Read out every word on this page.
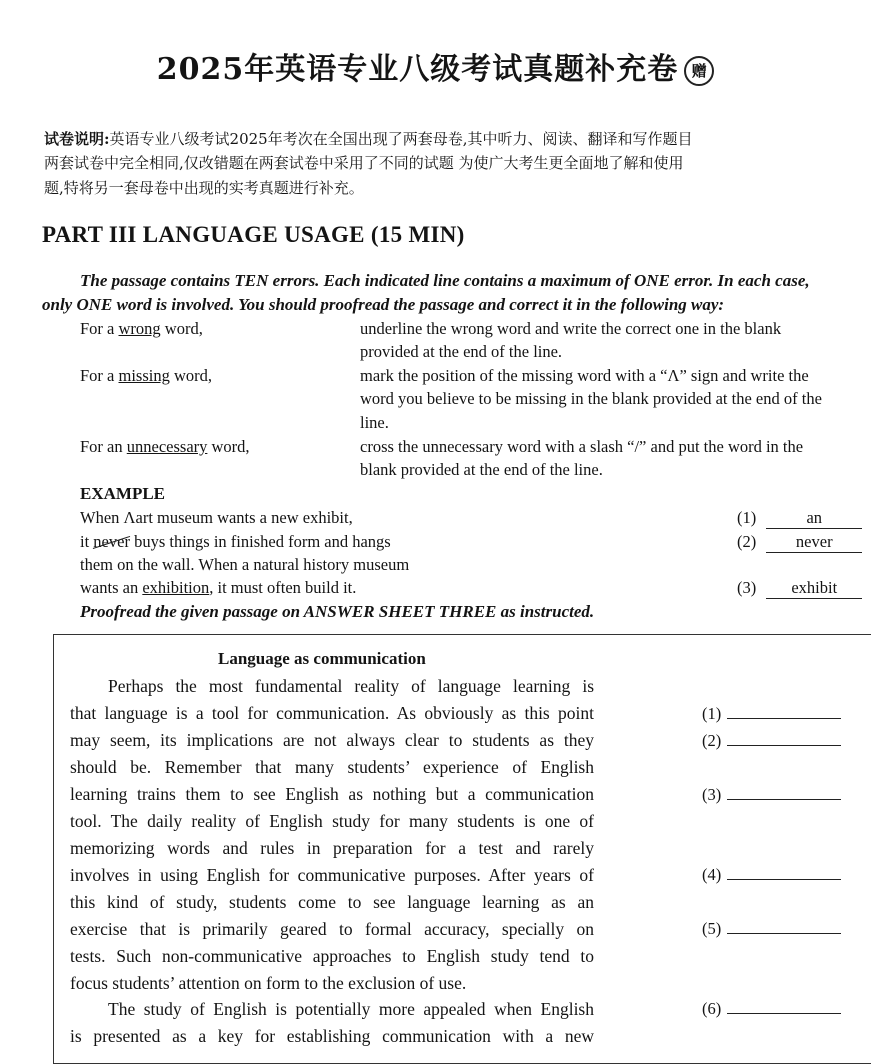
2025年英语专业八级考试真题补充卷 赠
试卷说明:英语专业八级考试2025年考次在全国出现了两套母卷,其中听力、阅读、翻译和写作题目
两套试卷中完全相同,仅改错题在两套试卷中采用了不同的试题 为使广大考生更全面地了解和使用
题,特将另一套母卷中出现的实考真题进行补充。
PART III LANGUAGE USAGE (15 MIN)
The passage contains TEN errors. Each indicated line contains a maximum of ONE error. In each case,
only ONE word is involved. You should proofread the passage and correct it in the following way:
For a wrong word,	underline the wrong word and write the correct one in the blank
provided at the end of the line.
For a missing word,	mark the position of the missing word with a “Λ” sign and write the
word you believe to be missing in the blank provided at the end of the
line.
For an unnecessary word,	cross the unnecessary word with a slash “/” and put the word in the
blank provided at the end of the line.
EXAMPLE
When Λart museum wants a new exhibit,
it never buys things in finished form and hangs
them on the wall. When a natural history museum
wants an exhibition, it must often build it.
(1)	an
(2) never
(3) exhibit
Proofread the given passage on ANSWER SHEET THREE as instructed.
Language as communication
Perhaps the most fundamental reality of language learning is
that language is a tool for communication. As obviously as this point
may seem, its implications are not always clear to students as they
should be. Remember that many students’ experience of English
learning trains them to see English as nothing but a communication
tool. The daily reality of English study for many students is one of
memorizing words and rules in preparation for a test and rarely
involves in using English for communicative purposes. After years of
this kind of study, students come to see language learning as an
exercise that is primarily geared to formal accuracy, specially on
tests. Such non-communicative approaches to English study tend to
focus students’ attention on form to the exclusion of use.
The study of English is potentially more appealed when English
is presented as a key for establishing communication with a new
(1)
(2)
(3)
(4)
(5)
(6)
